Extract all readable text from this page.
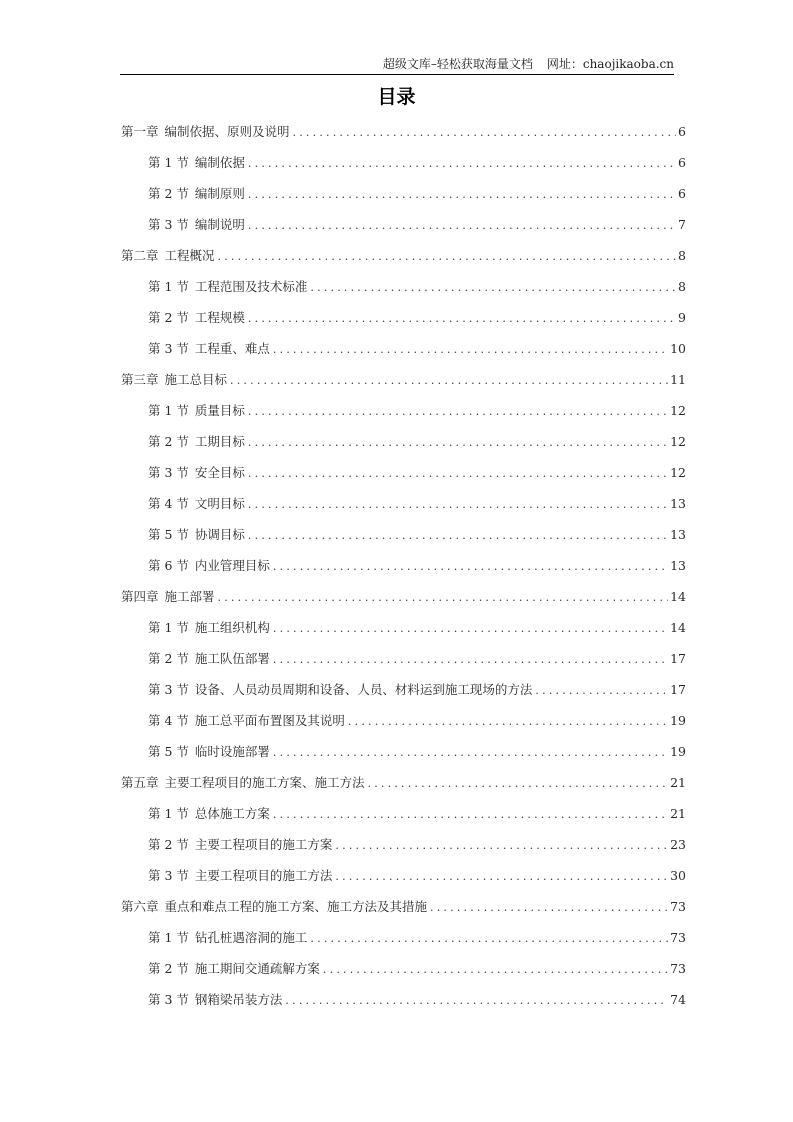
超级文库–轻松获取海量文档 网址：chaojikaoba.cn
目录
第一章 编制依据、原则及说明 .....	6
第 1 节 编制依据 .....	6
第 2 节 编制原则 .....	6
第 3 节 编制说明 .....	7
第二章 工程概况 .....	8
第 1 节 工程范围及技术标准 .....	8
第 2 节 工程规模 .....	9
第 3 节 工程重、难点 .....	10
第三章 施工总目标 .....	11
第 1 节 质量目标 .....	12
第 2 节 工期目标 .....	12
第 3 节 安全目标 .....	12
第 4 节 文明目标 .....	13
第 5 节 协调目标 .....	13
第 6 节 内业管理目标 .....	13
第四章 施工部署 .....	14
第 1 节 施工组织机构 .....	14
第 2 节 施工队伍部署 .....	17
第 3 节 设备、人员动员周期和设备、人员、材料运到施工现场的方法 .....	17
第 4 节 施工总平面布置图及其说明 .....	19
第 5 节 临时设施部署 .....	19
第五章 主要工程项目的施工方案、施工方法 .....	21
第 1 节 总体施工方案 .....	21
第 2 节 主要工程项目的施工方案 .....	23
第 3 节 主要工程项目的施工方法 .....	30
第六章 重点和难点工程的施工方案、施工方法及其措施 .....	73
第 1 节 钻孔桩遇溶洞的施工 .....	73
第 2 节 施工期间交通疏解方案 .....	73
第 3 节 钢箱梁吊装方法 .....	74
